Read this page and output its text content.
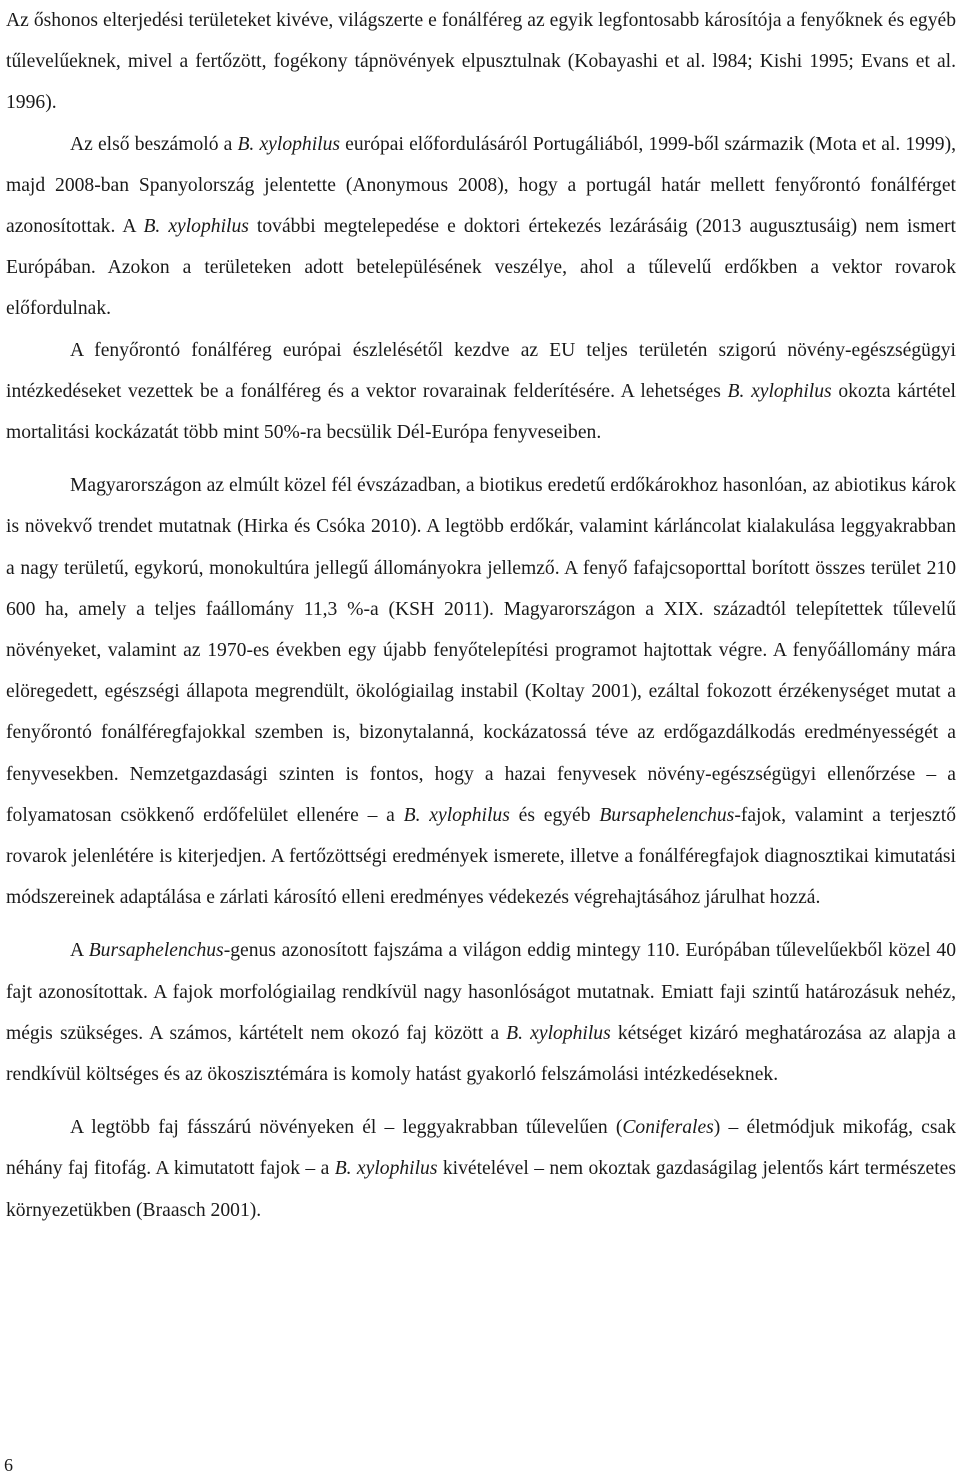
Az őshonos elterjedési területeket kivéve, világszerte e fonálféreg az egyik legfontosabb károsítója a fenyőknek és egyéb tűlevelűeknek, mivel a fertőzött, fogékony tápnövények elpusztulnak (Kobayashi et al. l984; Kishi 1995; Evans et al. 1996).

Az első beszámoló a B. xylophilus európai előfordulásáról Portugáliából, 1999-ből származik (Mota et al. 1999), majd 2008-ban Spanyolország jelentette (Anonymous 2008), hogy a portugál határ mellett fenyőrontó fonálférget azonosítottak. A B. xylophilus további megtelepedése e doktori értekezés lezárásáig (2013 augusztusáig) nem ismert Európában. Azokon a területeken adott betelepülésének veszélye, ahol a tűlevelű erdőkben a vektor rovarok előfordulnak.

A fenyőrontó fonálféreg európai észlelésétől kezdve az EU teljes területén szigorú növény-egészségügyi intézkedéseket vezettek be a fonálféreg és a vektor rovarainak felderítésére. A lehetséges B. xylophilus okozta kártétel mortalitási kockázatát több mint 50%-ra becsülik Dél-Európa fenyveseiben.

Magyarországon az elmúlt közel fél évszázadban, a biotikus eredetű erdőkárokhoz hasonlóan, az abiotikus károk is növekvő trendet mutatnak (Hirka és Csóka 2010). A legtöbb erdőkár, valamint kárláncolat kialakulása leggyakrabban a nagy területű, egykorú, monokultúra jellegű állományokra jellemző. A fenyő fafajcsoporttal borított összes terület 210 600 ha, amely a teljes faállomány 11,3 %-a (KSH 2011). Magyarországon a XIX. századtól telepítettek tűlevelű növényeket, valamint az 1970-es években egy újabb fenyőtelepítési programot hajtottak végre. A fenyőállomány mára elöregedett, egészségi állapota megrendült, ökológiailag instabil (Koltay 2001), ezáltal fokozott érzékenységet mutat a fenyőrontó fonálféregfajokkal szemben is, bizonytalanná, kockázatossá téve az erdőgazdálkodás eredményességét a fenyvesekben. Nemzetgazdasági szinten is fontos, hogy a hazai fenyvesek növény-egészségügyi ellenőrzése – a folyamatosan csökkenő erdőfelület ellenére – a B. xylophilus és egyéb Bursaphelenchus-fajok, valamint a terjesztő rovarok jelenlétére is kiterjedjen. A fertőzöttségi eredmények ismerete, illetve a fonálféregfajok diagnosztikai kimutatási módszereinek adaptálása e zárlati károsító elleni eredményes védekezés végrehajtásához járulhat hozzá.

A Bursaphelenchus-genus azonosított fajszáma a világon eddig mintegy 110. Európában tűlevelűekből közel 40 fajt azonosítottak. A fajok morfológiailag rendkívül nagy hasonlóságot mutatnak. Emiatt faji szintű határozásuk nehéz, mégis szükséges. A számos, kártételt nem okozó faj között a B. xylophilus kétséget kizáró meghatározása az alapja a rendkívül költséges és az ökoszisztémára is komoly hatást gyakorló felszámolási intézkedéseknek.

A legtöbb faj fásszárú növényeken él – leggyakrabban tűlevelűen (Coniferales) – életmódjuk mikofág, csak néhány faj fitofág. A kimutatott fajok – a B. xylophilus kivételével – nem okoztak gazdaságilag jelentős kárt természetes környezetükben (Braasch 2001).

6
